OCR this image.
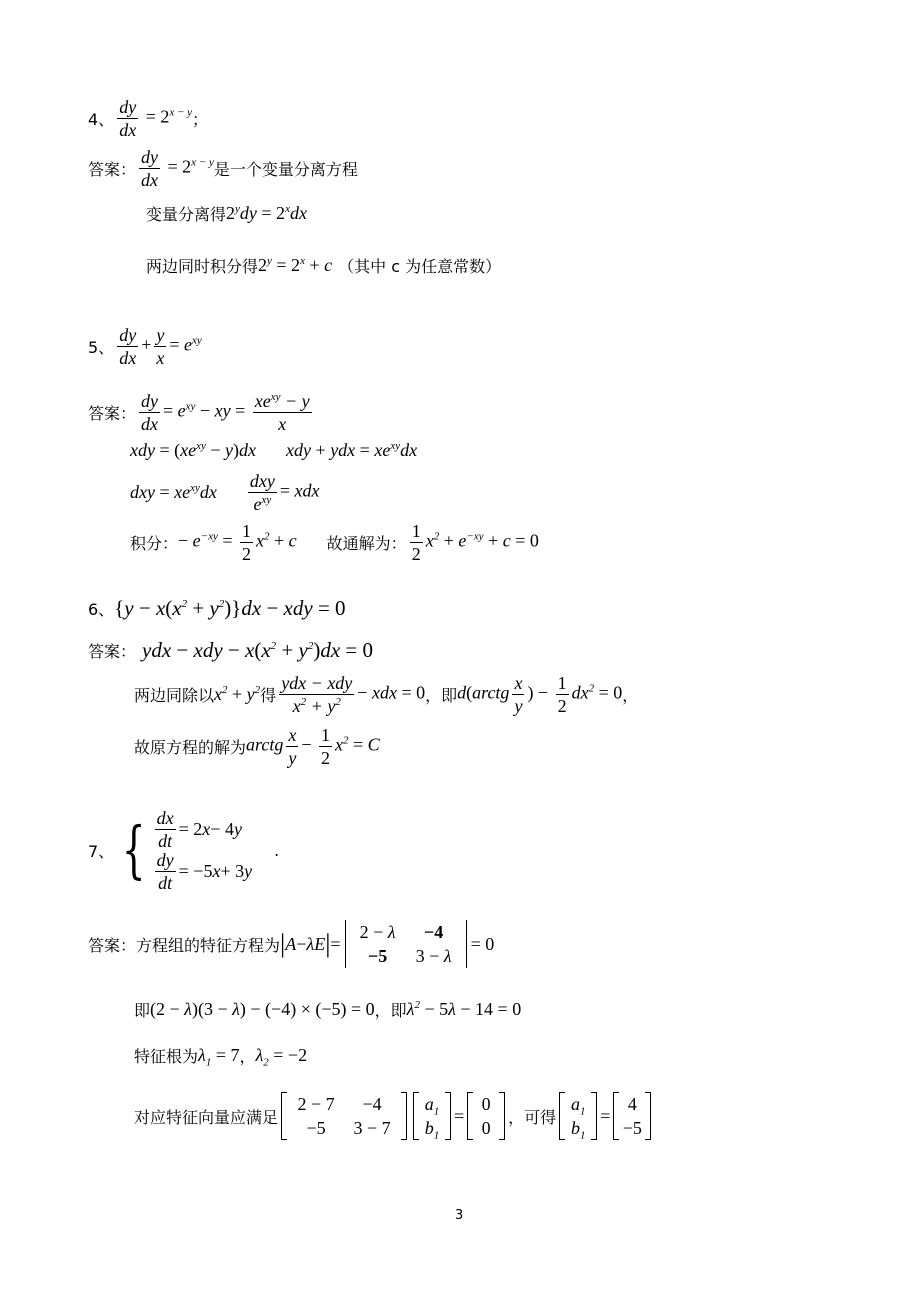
4、 $\frac{dy}{dx} = 2^{x - y}$ ；
答案： $\frac{dy}{dx} = 2^{x - y}$ 是一个变量分离方程
变量分离得 $2^ydy = 2^xdx$
两边同时积分得 $2^y = 2^x + c$ （其中 c 为任意常数）
5、 $\frac{dy}{dx} + \frac{y}{x} = e^{xy}$
答案： $\frac{dy}{dx} = e^{xy}$ − xy = $\frac{xe^{xy} - y}{x}$
xdy = $(xe^{xy} - y)dx$ xdy + ydx = $xe^{xy}dx$
dxy = $xe^{xy}dx \frac{\text{dxy}}{e^{xy}}$ = xdx
积分： − $e^{-xy} = \frac{1}{2} x^2 + c$ 故通解为： $\frac{1}{2} x^2 + e^{-xy} + c = 0$
6、 $\{y - x(x^2 + y^2)\}dx$ − xdy = 0
答案： ydx − xdy − $x(x^2 + y^2)dx = 0$
两边同除以 $x^2 + y^2$ 得 $\frac{\text{ydx − xdy}}{x^2 + y^2}$ − xdx = 0 ，即 d(arctg $\frac{x}{y}$ ) − $\frac{1}{2} dx^2 = 0$ ，
故原方程的解为 arctg $\frac{x}{y} - \frac{1}{2} x^2 = C$
7、 { $\frac{dx}{dt} = 2$ x − 4 y
$\frac{dy}{dt} = -5$ x + 3 y
.
答案： 方程组的特征方程为 | A − λE | =
2 − λ	−4
−5	3 − λ
= 0
即 (2 − λ)(3 − λ) − (−4) × (−5) = 0 ，即 $\lambda^2 - 5\lambda - 14 = 0$
特征根为 $\lambda_1 = 7$ ， $\lambda_2 = -2$
对应特征向量应满足
2 − 7	−4
−5	3 − 7
$a_1$
$b_1$
=
0
0
，可得
$a_1$
$b_1$
=
4
−5
3
